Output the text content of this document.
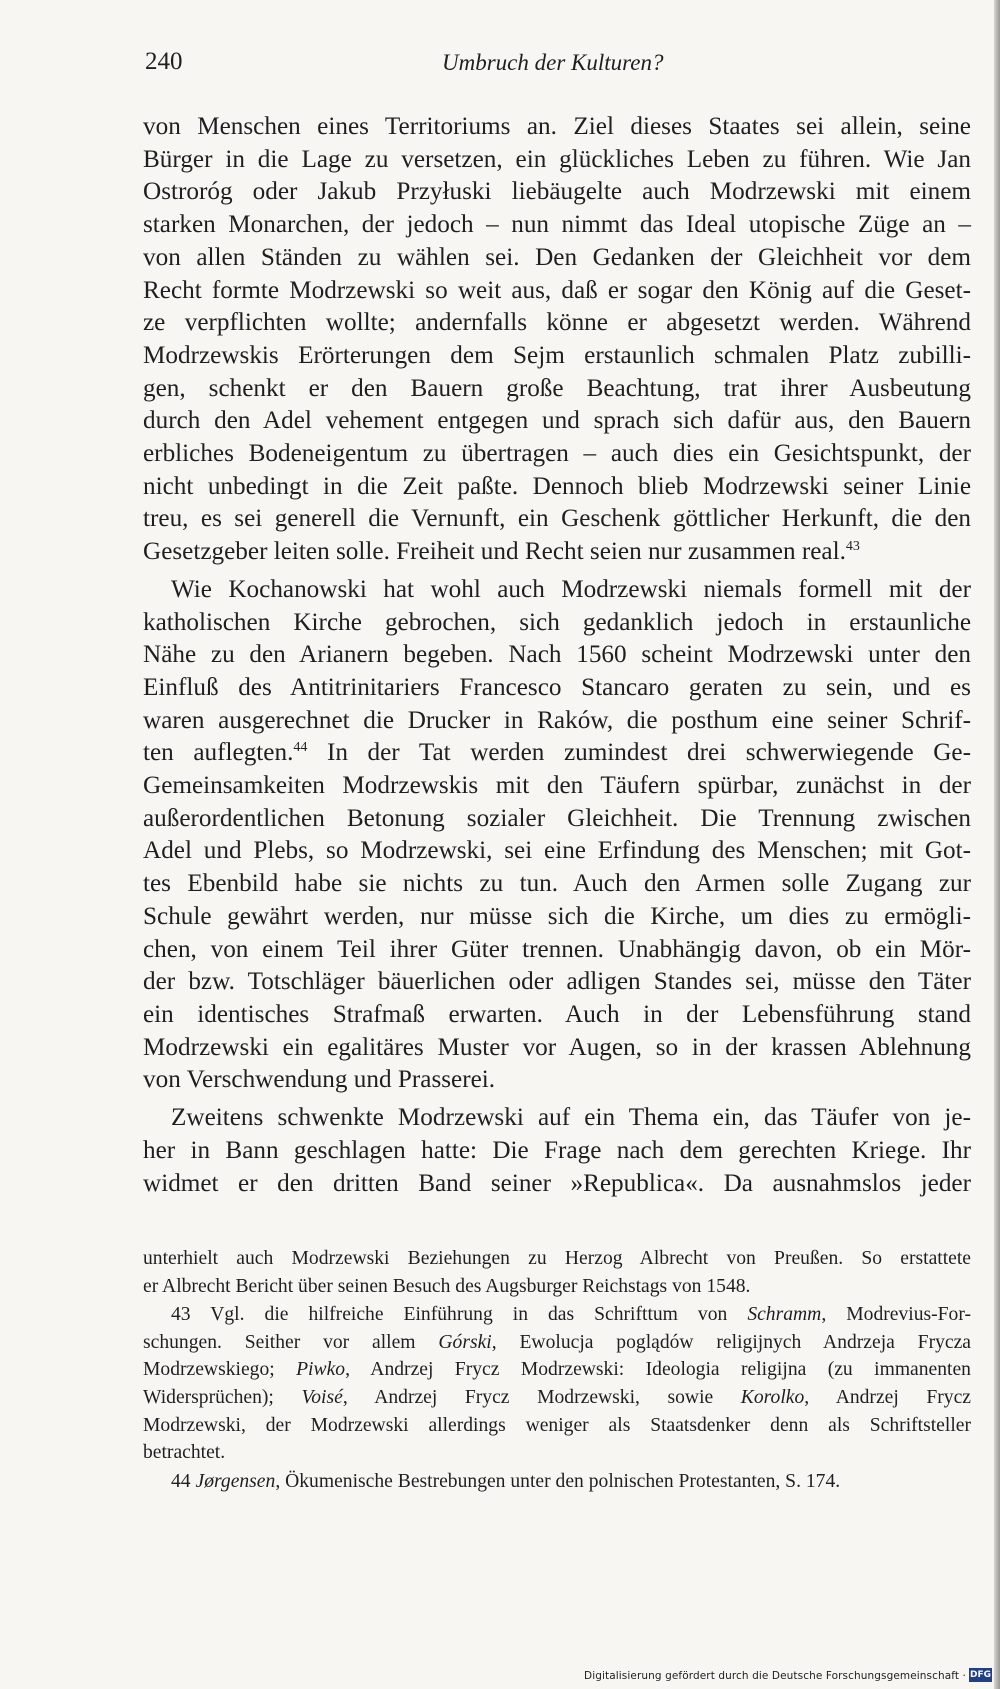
240	Umbruch der Kulturen?
von Menschen eines Territoriums an. Ziel dieses Staates sei allein, seine
Bürger in die Lage zu versetzen, ein glückliches Leben zu führen. Wie Jan
Ostroróg oder Jakub Przyłuski liebäugelte auch Modrzewski mit einem
starken Monarchen, der jedoch – nun nimmt das Ideal utopische Züge an –
von allen Ständen zu wählen sei. Den Gedanken der Gleichheit vor dem
Recht formte Modrzewski so weit aus, daß er sogar den König auf die Geset-
ze verpflichten wollte; andernfalls könne er abgesetzt werden. Während
Modrzewskis Erörterungen dem Sejm erstaunlich schmalen Platz zubilli-
gen, schenkt er den Bauern große Beachtung, trat ihrer Ausbeutung
durch den Adel vehement entgegen und sprach sich dafür aus, den Bauern
erbliches Bodeneigentum zu übertragen – auch dies ein Gesichtspunkt, der
nicht unbedingt in die Zeit paßte. Dennoch blieb Modrzewski seiner Linie
treu, es sei generell die Vernunft, ein Geschenk göttlicher Herkunft, die den
Gesetzgeber leiten solle. Freiheit und Recht seien nur zusammen real.$^{43}$
Wie Kochanowski hat wohl auch Modrzewski niemals formell mit der
katholischen Kirche gebrochen, sich gedanklich jedoch in erstaunliche
Nähe zu den Arianern begeben. Nach 1560 scheint Modrzewski unter den
Einfluß des Antitrinitariers Francesco Stancaro geraten zu sein, und es
waren ausgerechnet die Drucker in Raków, die posthum eine seiner Schrif-
ten auflegten.$^{44}$ In der Tat werden zumindest drei schwerwiegende Ge-
Gemeinsamkeiten Modrzewskis mit den Täufern spürbar, zunächst in der
außerordentlichen Betonung sozialer Gleichheit. Die Trennung zwischen
Adel und Plebs, so Modrzewski, sei eine Erfindung des Menschen; mit Got-
tes Ebenbild habe sie nichts zu tun. Auch den Armen solle Zugang zur
Schule gewährt werden, nur müsse sich die Kirche, um dies zu ermögli-
chen, von einem Teil ihrer Güter trennen. Unabhängig davon, ob ein Mör-
der bzw. Totschläger bäuerlichen oder adligen Standes sei, müsse den Täter
ein identisches Strafmaß erwarten. Auch in der Lebensführung stand
Modrzewski ein egalitäres Muster vor Augen, so in der krassen Ablehnung
von Verschwendung und Prasserei.
Zweitens schwenkte Modrzewski auf ein Thema ein, das Täufer von je-
her in Bann geschlagen hatte: Die Frage nach dem gerechten Kriege. Ihr
widmet er den dritten Band seiner »Republica«. Da ausnahmslos jeder
unterhielt auch Modrzewski Beziehungen zu Herzog Albrecht von Preußen. So erstattete
er Albrecht Bericht über seinen Besuch des Augsburger Reichstags von 1548.
43 Vgl. die hilfreiche Einführung in das Schrifttum von Schramm, Modrevius-For-
schungen. Seither vor allem Górski, Ewolucja poglądów religijnych Andrzeja Frycza
Modrzewskiego; Piwko, Andrzej Frycz Modrzewski: Ideologia religijna (zu immanenten
Widersprüchen); Voisé, Andrzej Frycz Modrzewski, sowie Korolko, Andrzej Frycz
Modrzewski, der Modrzewski allerdings weniger als Staatsdenker denn als Schriftsteller
betrachtet.
44 Jørgensen, Ökumenische Bestrebungen unter den polnischen Protestanten, S. 174.
Digitalisierung gefördert durch die Deutsche Forschungsgemeinschaft · DFG
